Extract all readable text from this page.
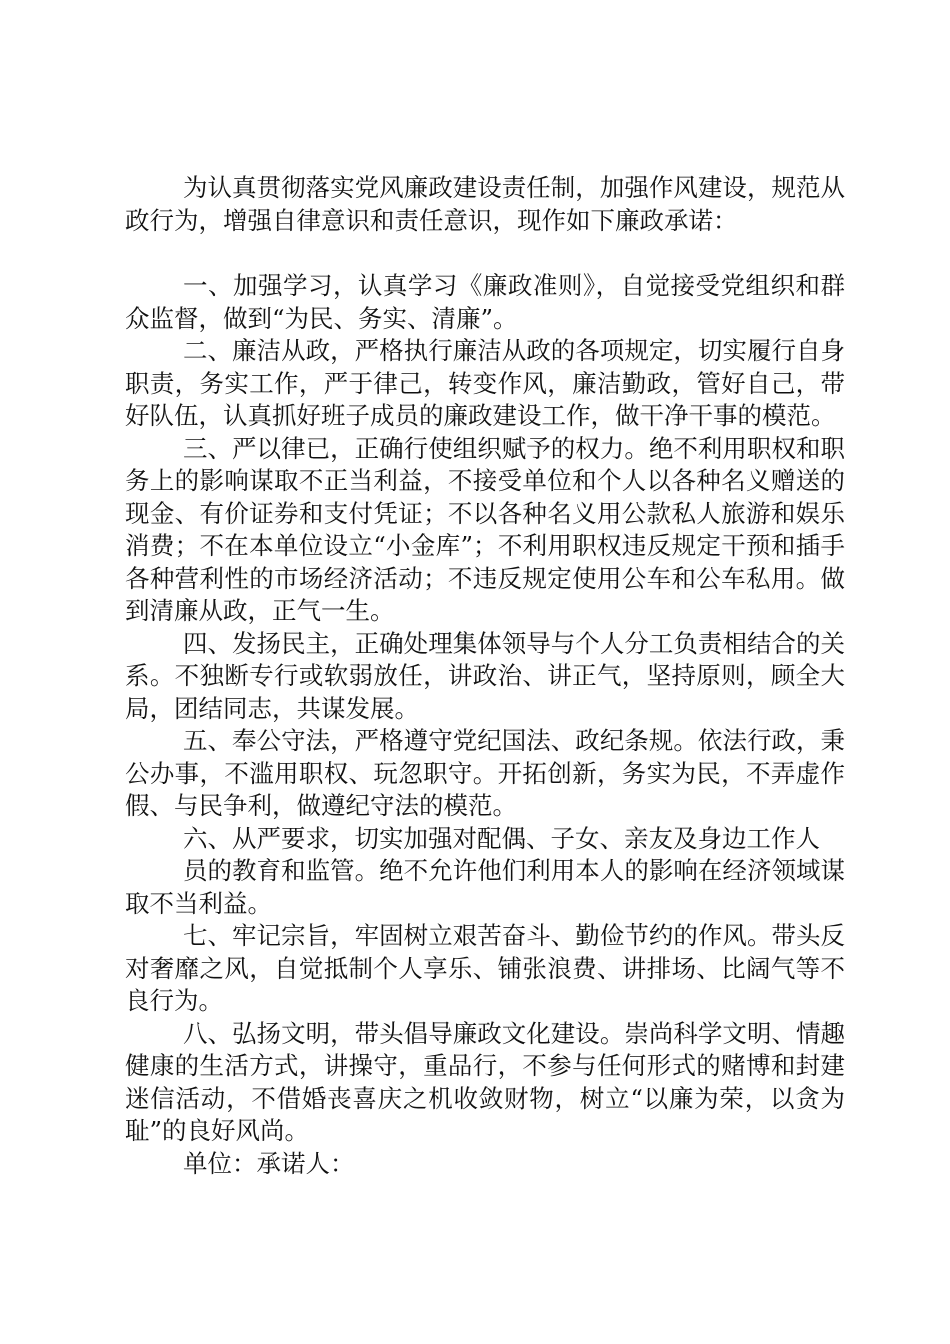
为认真贯彻落实党风廉政建设责任制，加强作风建设，规范从政行为，增强自律意识和责任意识，现作如下廉政承诺：

一、加强学习，认真学习《廉政准则》，自觉接受党组织和群众监督，做到“为民、务实、清廉”。

二、廉洁从政，严格执行廉洁从政的各项规定，切实履行自身职责，务实工作，严于律己，转变作风，廉洁勤政，管好自己，带好队伍，认真抓好班子成员的廉政建设工作，做干净干事的模范。

三、严以律已，正确行使组织赋予的权力。绝不利用职权和职务上的影响谋取不正当利益，不接受单位和个人以各种名义赠送的现金、有价证券和支付凭证；不以各种名义用公款私人旅游和娱乐消费；不在本单位设立“小金库”；不利用职权违反规定干预和插手各种营利性的市场经济活动；不违反规定使用公车和公车私用。做到清廉从政，正气一生。

四、发扬民主，正确处理集体领导与个人分工负责相结合的关系。不独断专行或软弱放任，讲政治、讲正气，坚持原则，顾全大局，团结同志，共谋发展。

五、奉公守法，严格遵守党纪国法、政纪条规。依法行政，秉公办事，不滥用职权、玩忽职守。开拓创新，务实为民，不弄虚作假、与民争利，做遵纪守法的模范。

六、从严要求，切实加强对配偶、子女、亲友及身边工作人

员的教育和监管。绝不允许他们利用本人的影响在经济领域谋取不当利益。

七、牢记宗旨，牢固树立艰苦奋斗、勤俭节约的作风。带头反对奢靡之风，自觉抵制个人享乐、铺张浪费、讲排场、比阔气等不良行为。

八、弘扬文明，带头倡导廉政文化建设。崇尚科学文明、情趣健康的生活方式，讲操守，重品行，不参与任何形式的赌博和封建迷信活动，不借婚丧喜庆之机收敛财物，树立“以廉为荣，以贪为耻”的良好风尚。

单位：承诺人：
